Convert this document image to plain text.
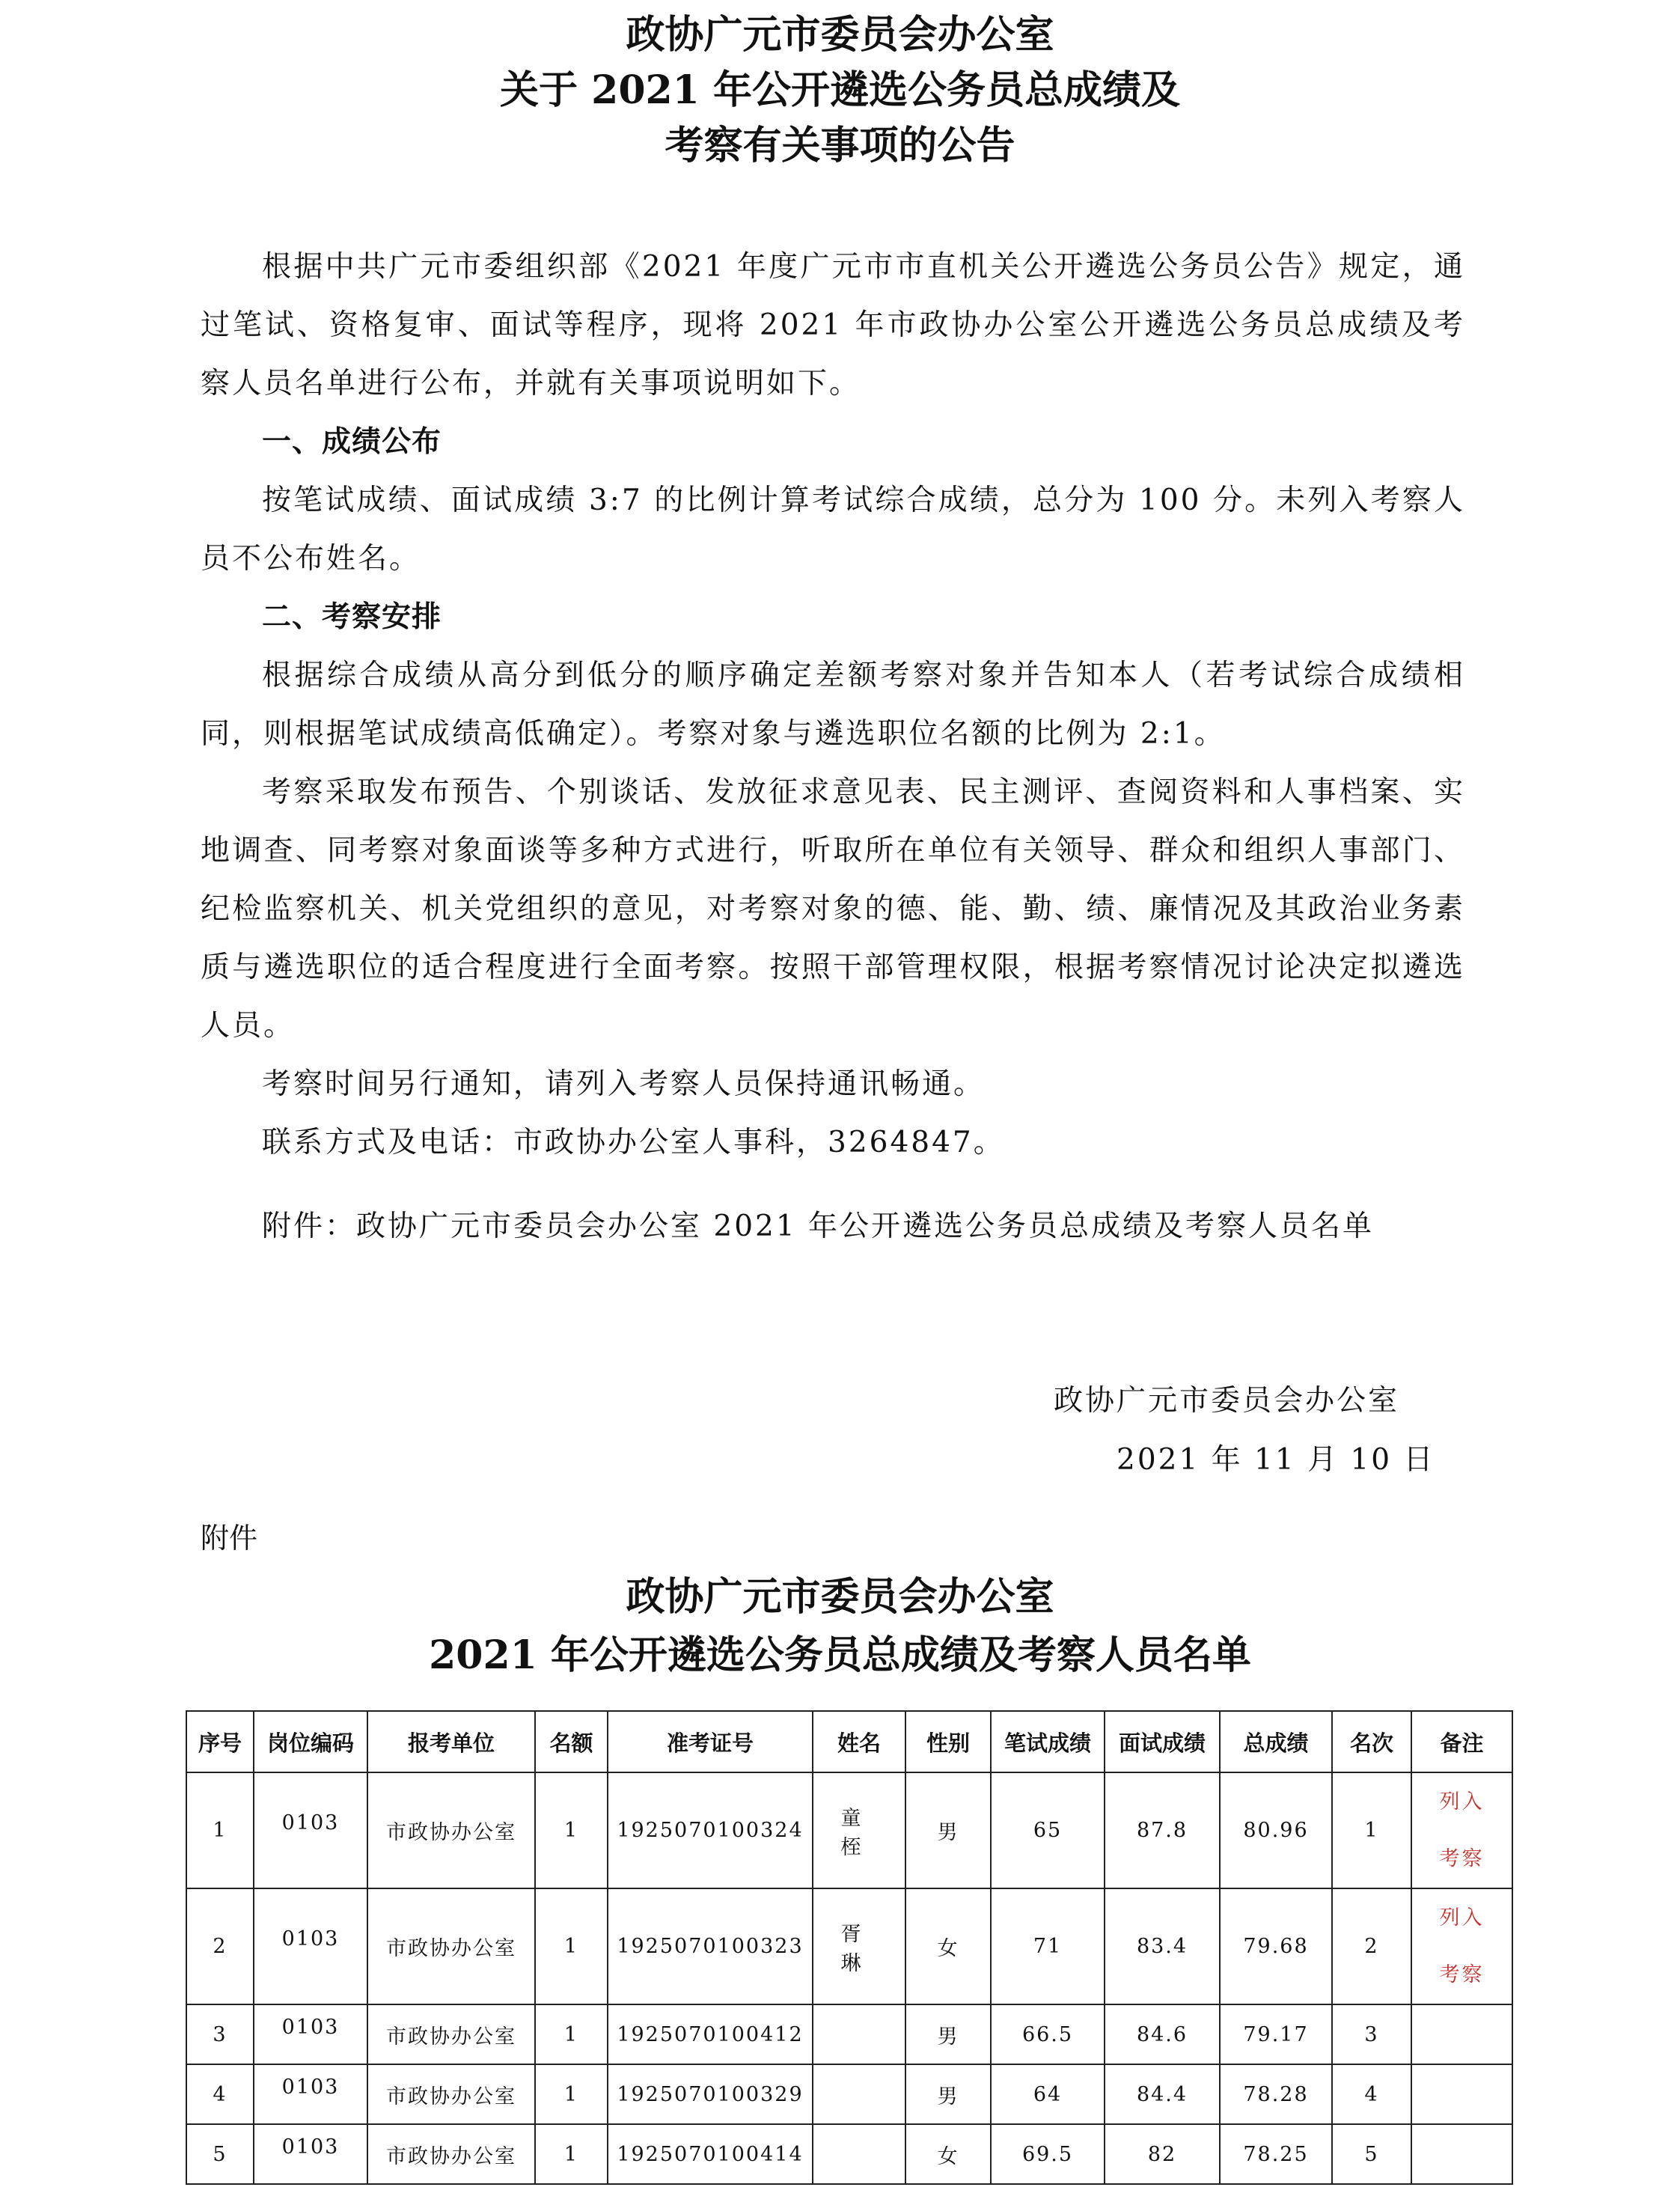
政协广元市委员会办公室
关于 2021 年公开遴选公务员总成绩及
考察有关事项的公告

根据中共广元市委组织部《2021 年度广元市市直机关公开遴选公务员公告》规定，通过笔试、资格复审、面试等程序，现将 2021 年市政协办公室公开遴选公务员总成绩及考察人员名单进行公布，并就有关事项说明如下。

一、成绩公布

按笔试成绩、面试成绩 3:7 的比例计算考试综合成绩，总分为 100 分。未列入考察人员不公布姓名。

二、考察安排

根据综合成绩从高分到低分的顺序确定差额考察对象并告知本人（若考试综合成绩相同，则根据笔试成绩高低确定）。考察对象与遴选职位名额的比例为 2:1。

考察采取发布预告、个别谈话、发放征求意见表、民主测评、查阅资料和人事档案、实地调查、同考察对象面谈等多种方式进行，听取所在单位有关领导、群众和组织人事部门、纪检监察机关、机关党组织的意见，对考察对象的德、能、勤、绩、廉情况及其政治业务素质与遴选职位的适合程度进行全面考察。按照干部管理权限，根据考察情况讨论决定拟遴选人员。

考察时间另行通知，请列入考察人员保持通讯畅通。

联系方式及电话：市政协办公室人事科，3264847。

附件：政协广元市委员会办公室 2021 年公开遴选公务员总成绩及考察人员名单
政协广元市委员会办公室
2021 年 11 月 10 日
附件
政协广元市委员会办公室
2021 年公开遴选公务员总成绩及考察人员名单
序号	岗位编码	报考单位	名额	准考证号	姓名	性别	笔试成绩	面试成绩	总成绩	名次	备注
1	0103	市政协办公室	1	1925070100324	童 桎	男	65	87.8	80.96	1	列入
考察

2	0103	市政协办公室	1	1925070100323	胥 琳	女	71	83.4	79.68	2	列入
考察

3	0103	市政协办公室	1	1925070100412		男	66.5	84.6	79.17	3	
4	0103	市政协办公室	1	1925070100329		男	64	84.4	78.28	4	
5	0103	市政协办公室	1	1925070100414		女	69.5	82	78.25	5	
